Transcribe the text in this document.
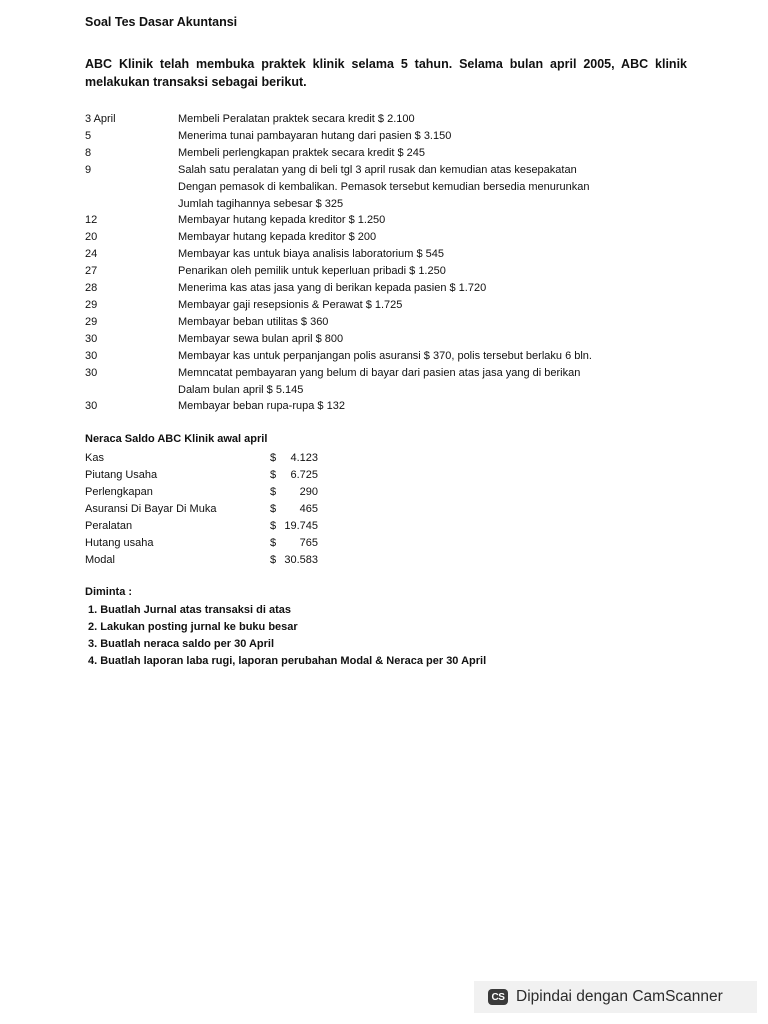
Soal Tes Dasar Akuntansi
ABC Klinik telah membuka praktek klinik selama 5 tahun. Selama bulan april 2005, ABC klinik melakukan transaksi sebagai berikut.
3 April	Membeli Peralatan praktek secara kredit $ 2.100
5	Menerima tunai pambayaran hutang dari pasien $ 3.150
8	Membeli perlengkapan praktek secara kredit $ 245
9	Salah satu peralatan yang di beli tgl 3 april rusak dan kemudian atas kesepakatan
Dengan pemasok di kembalikan. Pemasok tersebut kemudian bersedia menurunkan
Jumlah tagihannya sebesar $ 325
12	Membayar hutang kepada kreditor $ 1.250
20	Membayar hutang kepada kreditor $ 200
24	Membayar kas untuk biaya analisis laboratorium $ 545
27	Penarikan oleh pemilik untuk keperluan pribadi $ 1.250
28	Menerima kas atas jasa yang di berikan kepada pasien $ 1.720
29	Membayar gaji resepsionis & Perawat $ 1.725
29	Membayar beban utilitas $ 360
30	Membayar sewa bulan april $ 800
30	Membayar kas untuk perpanjangan polis asuransi $ 370, polis tersebut berlaku 6 bln.
30	Memncatat pembayaran yang belum di bayar dari pasien atas jasa yang di berikan
Dalam bulan april $ 5.145
30	Membayar beban rupa-rupa $ 132
Neraca Saldo ABC Klinik awal april
Kas	$	4.123
Piutang Usaha	$	6.725
Perlengkapan	$	290
Asuransi Di Bayar Di Muka	$	465
Peralatan	$ 19.745
Hutang usaha	$	765
Modal	$ 30.583
Diminta :
1. Buatlah Jurnal atas transaksi di atas
2. Lakukan posting jurnal ke buku besar
3. Buatlah neraca saldo per 30 April
4. Buatlah laporan laba rugi, laporan perubahan Modal & Neraca per 30 April
CS Dipindai dengan CamScanner
